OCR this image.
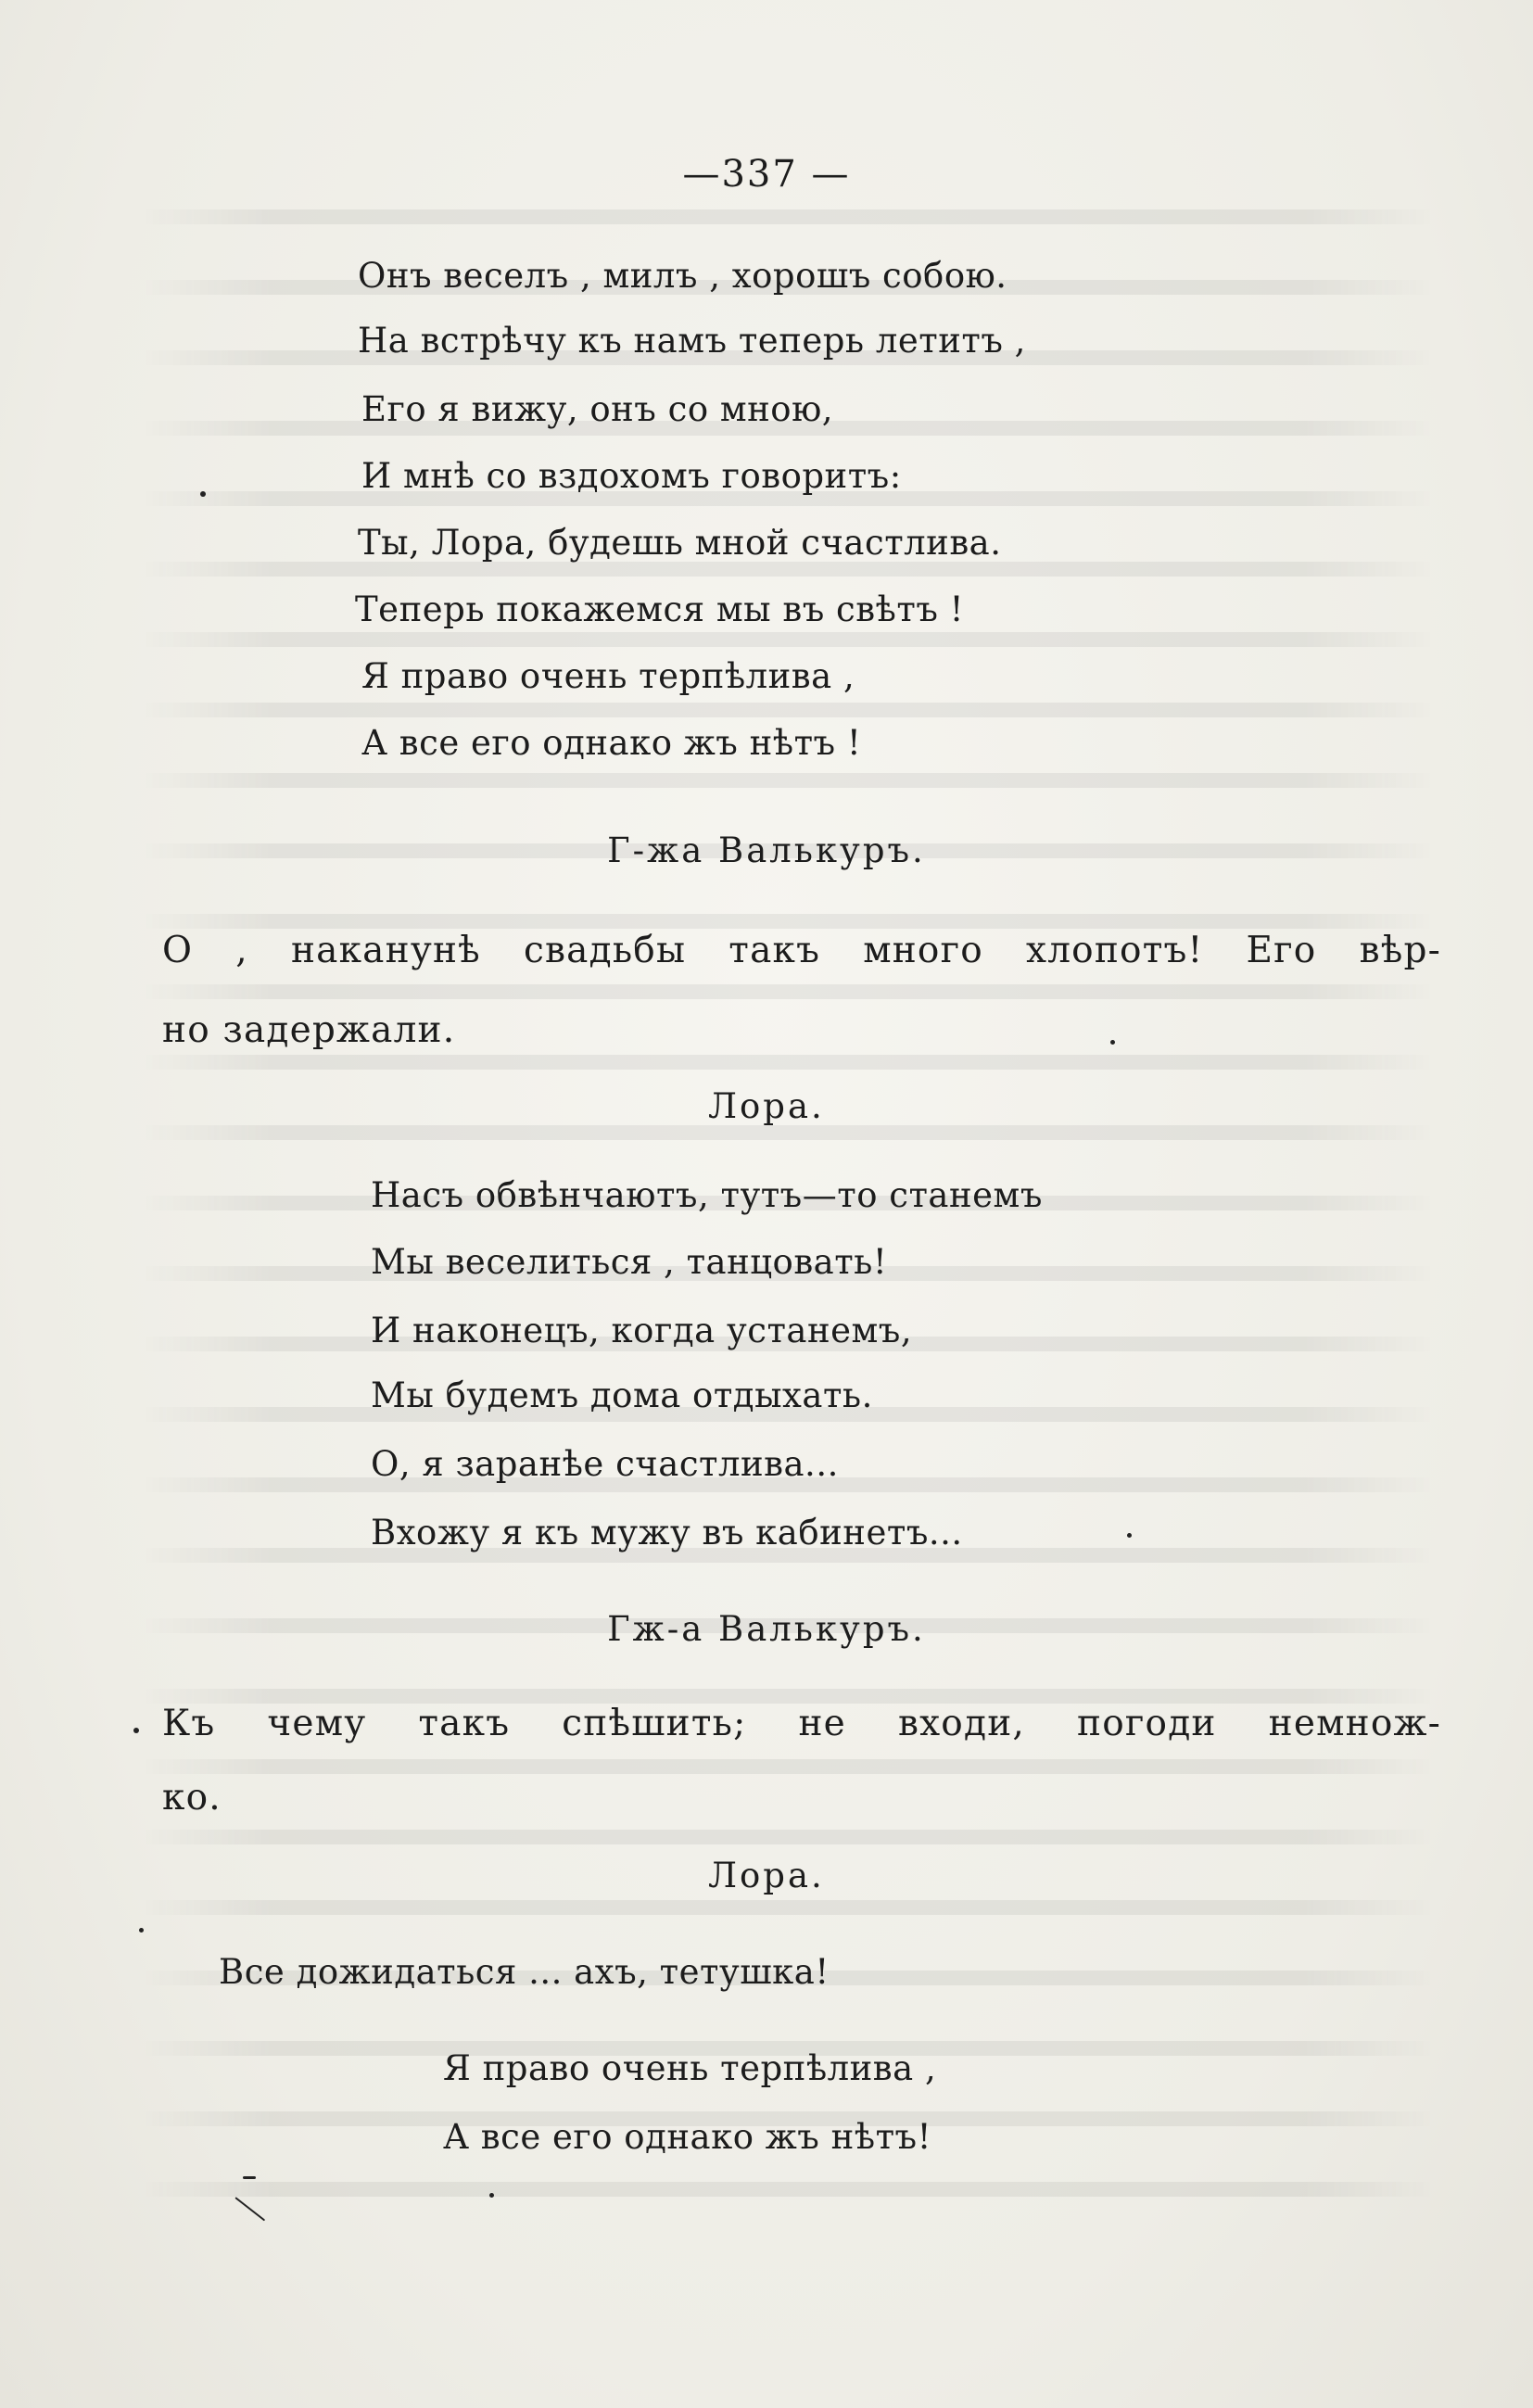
—337 —
Онъ веселъ , милъ , хорошъ собою.
На встрѣчу къ намъ теперь летитъ ,
Его я вижу, онъ со мною,
И мнѣ со вздохомъ говоритъ:
Ты, Лора, будешь мной счастлива.
Теперь покажемся мы въ свѣтъ !
Я право очень терпѣлива ,
А все его однако жъ нѣтъ !
Г-жа Валькуръ.
О , наканунѣ свадьбы такъ много хлопотъ! Его вѣр-
но задержали.
Лора.
Насъ обвѣнчаютъ, тутъ—то станемъ
Мы веселиться , танцовать!
И наконецъ, когда устанемъ,
Мы будемъ дома отдыхать.
О, я заранѣе счастлива...
Вхожу я къ мужу въ кабинетъ...
Гж-а Валькуръ.
Къ чему такъ спѣшить; не входи, погоди немнож-
ко.
Лора.
Все дожидаться ... ахъ, тетушка!
Я право очень терпѣлива ,
А все его однако жъ нѣтъ!
